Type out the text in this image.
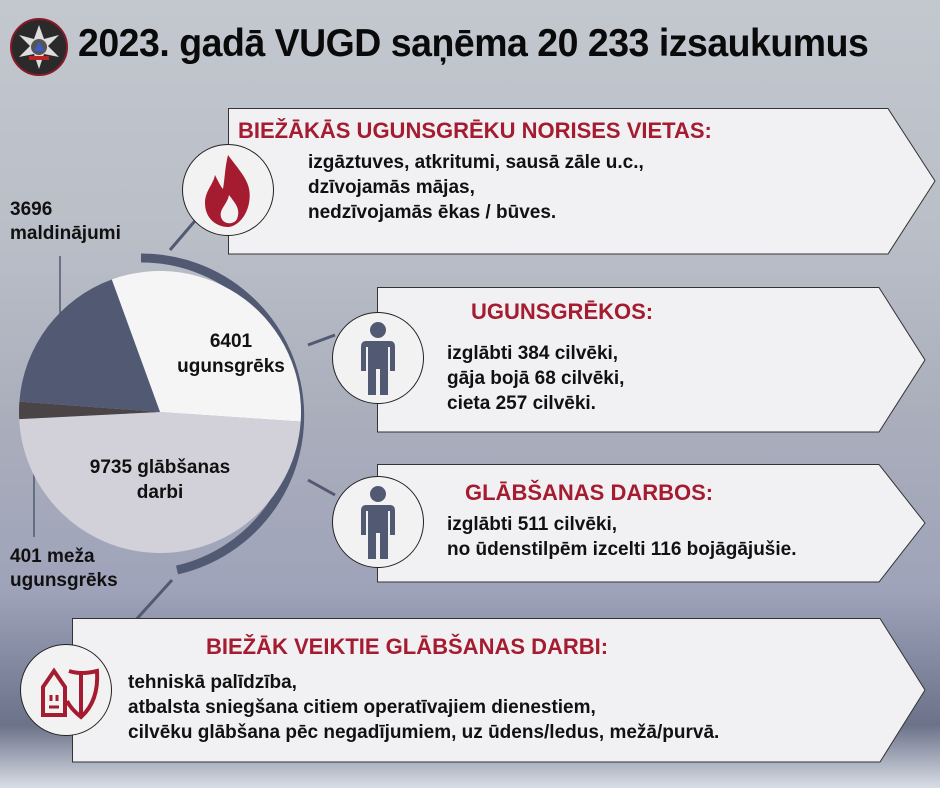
2023. gadā VUGD saņēma 20 233 izsaukumus
6401
ugunsgrēks
9735 glābšanas
darbi
3696
maldinājumi
401 meža
ugunsgrēks
BIEŽĀKĀS UGUNSGRĒKU NORISES VIETAS:
izgāztuves, atkritumi, sausā zāle u.c.,
dzīvojamās mājas,
nedzīvojamās ēkas / būves.
UGUNSGRĒKOS:
izglābti 384 cilvēki,
gāja bojā 68 cilvēki,
cieta 257 cilvēki.
GLĀBŠANAS DARBOS:
izglābti 511 cilvēki,
no ūdenstilpēm izcelti 116 bojāgājušie.
BIEŽĀK VEIKTIE GLĀBŠANAS DARBI:
tehniskā palīdzība,
atbalsta sniegšana citiem operatīvajiem dienestiem,
cilvēku glābšana pēc negadījumiem, uz ūdens/ledus, mežā/purvā.
